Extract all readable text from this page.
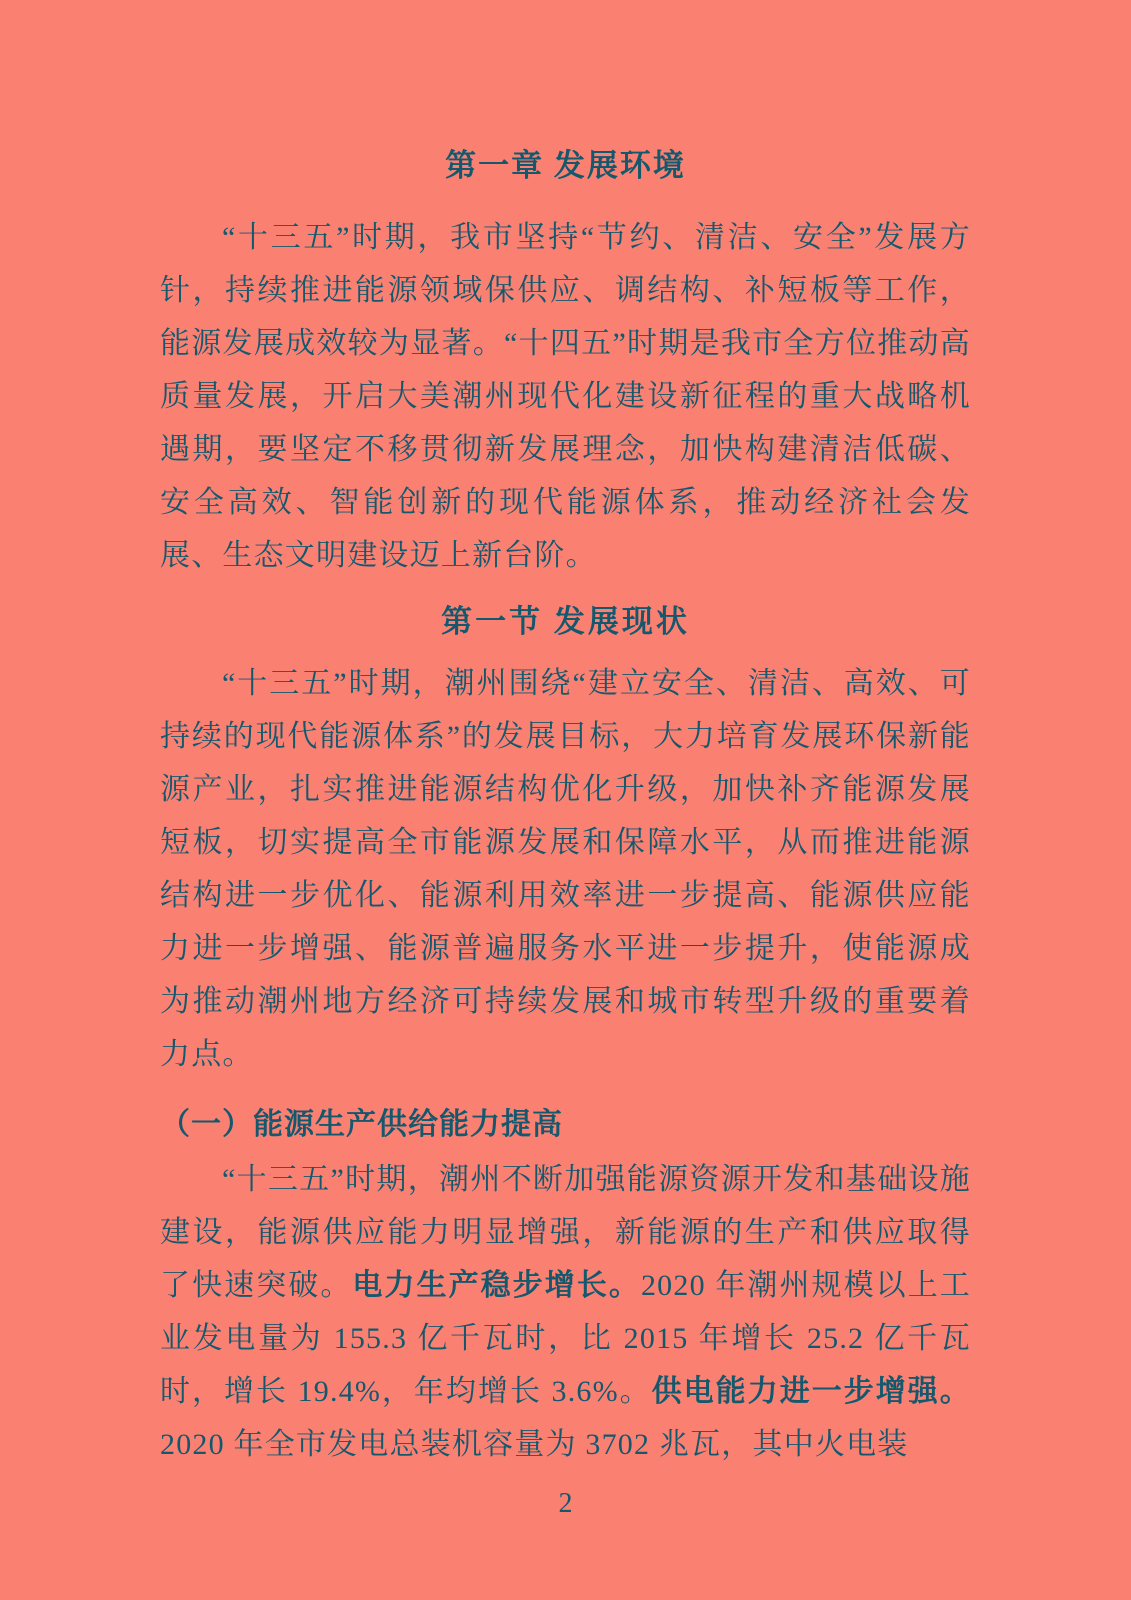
第一章 发展环境

“十三五”时期，我市坚持“节约、清洁、安全”发展方针，持续推进能源领域保供应、调结构、补短板等工作，能源发展成效较为显著。“十四五”时期是我市全方位推动高质量发展，开启大美潮州现代化建设新征程的重大战略机遇期，要坚定不移贯彻新发展理念，加快构建清洁低碳、安全高效、智能创新的现代能源体系，推动经济社会发展、生态文明建设迈上新台阶。

第一节 发展现状

“十三五”时期，潮州围绕“建立安全、清洁、高效、可持续的现代能源体系”的发展目标，大力培育发展环保新能源产业，扎实推进能源结构优化升级，加快补齐能源发展短板，切实提高全市能源发展和保障水平，从而推进能源结构进一步优化、能源利用效率进一步提高、能源供应能力进一步增强、能源普遍服务水平进一步提升，使能源成为推动潮州地方经济可持续发展和城市转型升级的重要着力点。

（一）能源生产供给能力提高

“十三五”时期，潮州不断加强能源资源开发和基础设施建设，能源供应能力明显增强，新能源的生产和供应取得了快速突破。电力生产稳步增长。2020 年潮州规模以上工业发电量为 155.3 亿千瓦时，比 2015 年增长 25.2 亿千瓦时，增长 19.4%，年均增长 3.6%。供电能力进一步增强。2020 年全市发电总装机容量为 3702 兆瓦，其中火电装

2
